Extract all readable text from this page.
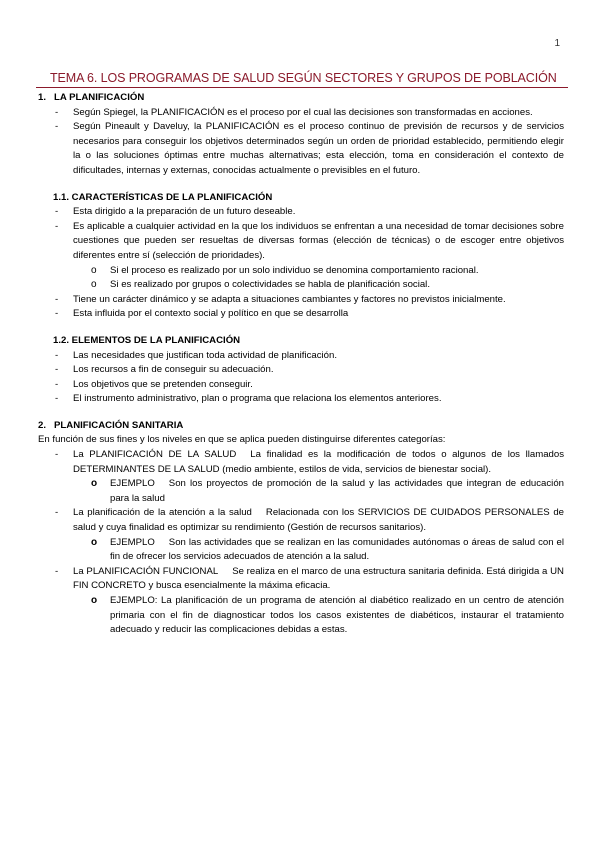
1
TEMA 6. LOS PROGRAMAS DE SALUD SEGÚN SECTORES Y GRUPOS DE POBLACIÓN

1. LA PLANIFICACIÓN

- Según Spiegel, la PLANIFICACIÓN es el proceso por el cual las decisiones son transformadas en acciones.
- Según Pineault y Daveluy, la PLANIFICACIÓN es el proceso continuo de previsión de recursos y de servicios necesarios para conseguir los objetivos determinados según un orden de prioridad establecido, permitiendo elegir la o las soluciones óptimas entre muchas alternativas; esta elección, toma en consideración el contexto de dificultades, internas y externas, conocidas actualmente o previsibles en el futuro.

1.1. CARACTERÍSTICAS DE LA PLANIFICACIÓN

- Esta dirigido a la preparación de un futuro deseable.
- Es aplicable a cualquier actividad en la que los individuos se enfrentan a una necesidad de tomar decisiones sobre cuestiones que pueden ser resueltas de diversas formas (elección de técnicas) o de escoger entre objetivos diferentes entre sí (selección de prioridades).
o Si el proceso es realizado por un solo individuo se denomina comportamiento racional.
o Si es realizado por grupos o colectividades se habla de planificación social.
- Tiene un carácter dinámico y se adapta a situaciones cambiantes y factores no previstos inicialmente.
- Esta influida por el contexto social y político en que se desarrolla

1.2. ELEMENTOS DE LA PLANIFICACIÓN

- Las necesidades que justifican toda actividad de planificación.
- Los recursos a fin de conseguir su adecuación.
- Los objetivos que se pretenden conseguir.
- El instrumento administrativo, plan o programa que relaciona los elementos anteriores.

2. PLANIFICACIÓN SANITARIA

En función de sus fines y los niveles en que se aplica pueden distinguirse diferentes categorías:

- La PLANIFICACIÓN DE LA SALUD La finalidad es la modificación de todos o algunos de los llamados DETERMINANTES DE LA SALUD (medio ambiente, estilos de vida, servicios de bienestar social).
o EJEMPLO Son los proyectos de promoción de la salud y las actividades que integran de educación para la salud
- La planificación de la atención a la salud Relacionada con los SERVICIOS DE CUIDADOS PERSONALES de salud y cuya finalidad es optimizar su rendimiento (Gestión de recursos sanitarios).
o EJEMPLO Son las actividades que se realizan en las comunidades autónomas o áreas de salud con el fin de ofrecer los servicios adecuados de atención a la salud.
- La PLANIFICACIÓN FUNCIONAL Se realiza en el marco de una estructura sanitaria definida. Está dirigida a UN FIN CONCRETO y busca esencialmente la máxima eficacia.
o EJEMPLO: La planificación de un programa de atención al diabético realizado en un centro de atención primaria con el fin de diagnosticar todos los casos existentes de diabéticos, instaurar el tratamiento adecuado y reducir las complicaciones debidas a estas.
